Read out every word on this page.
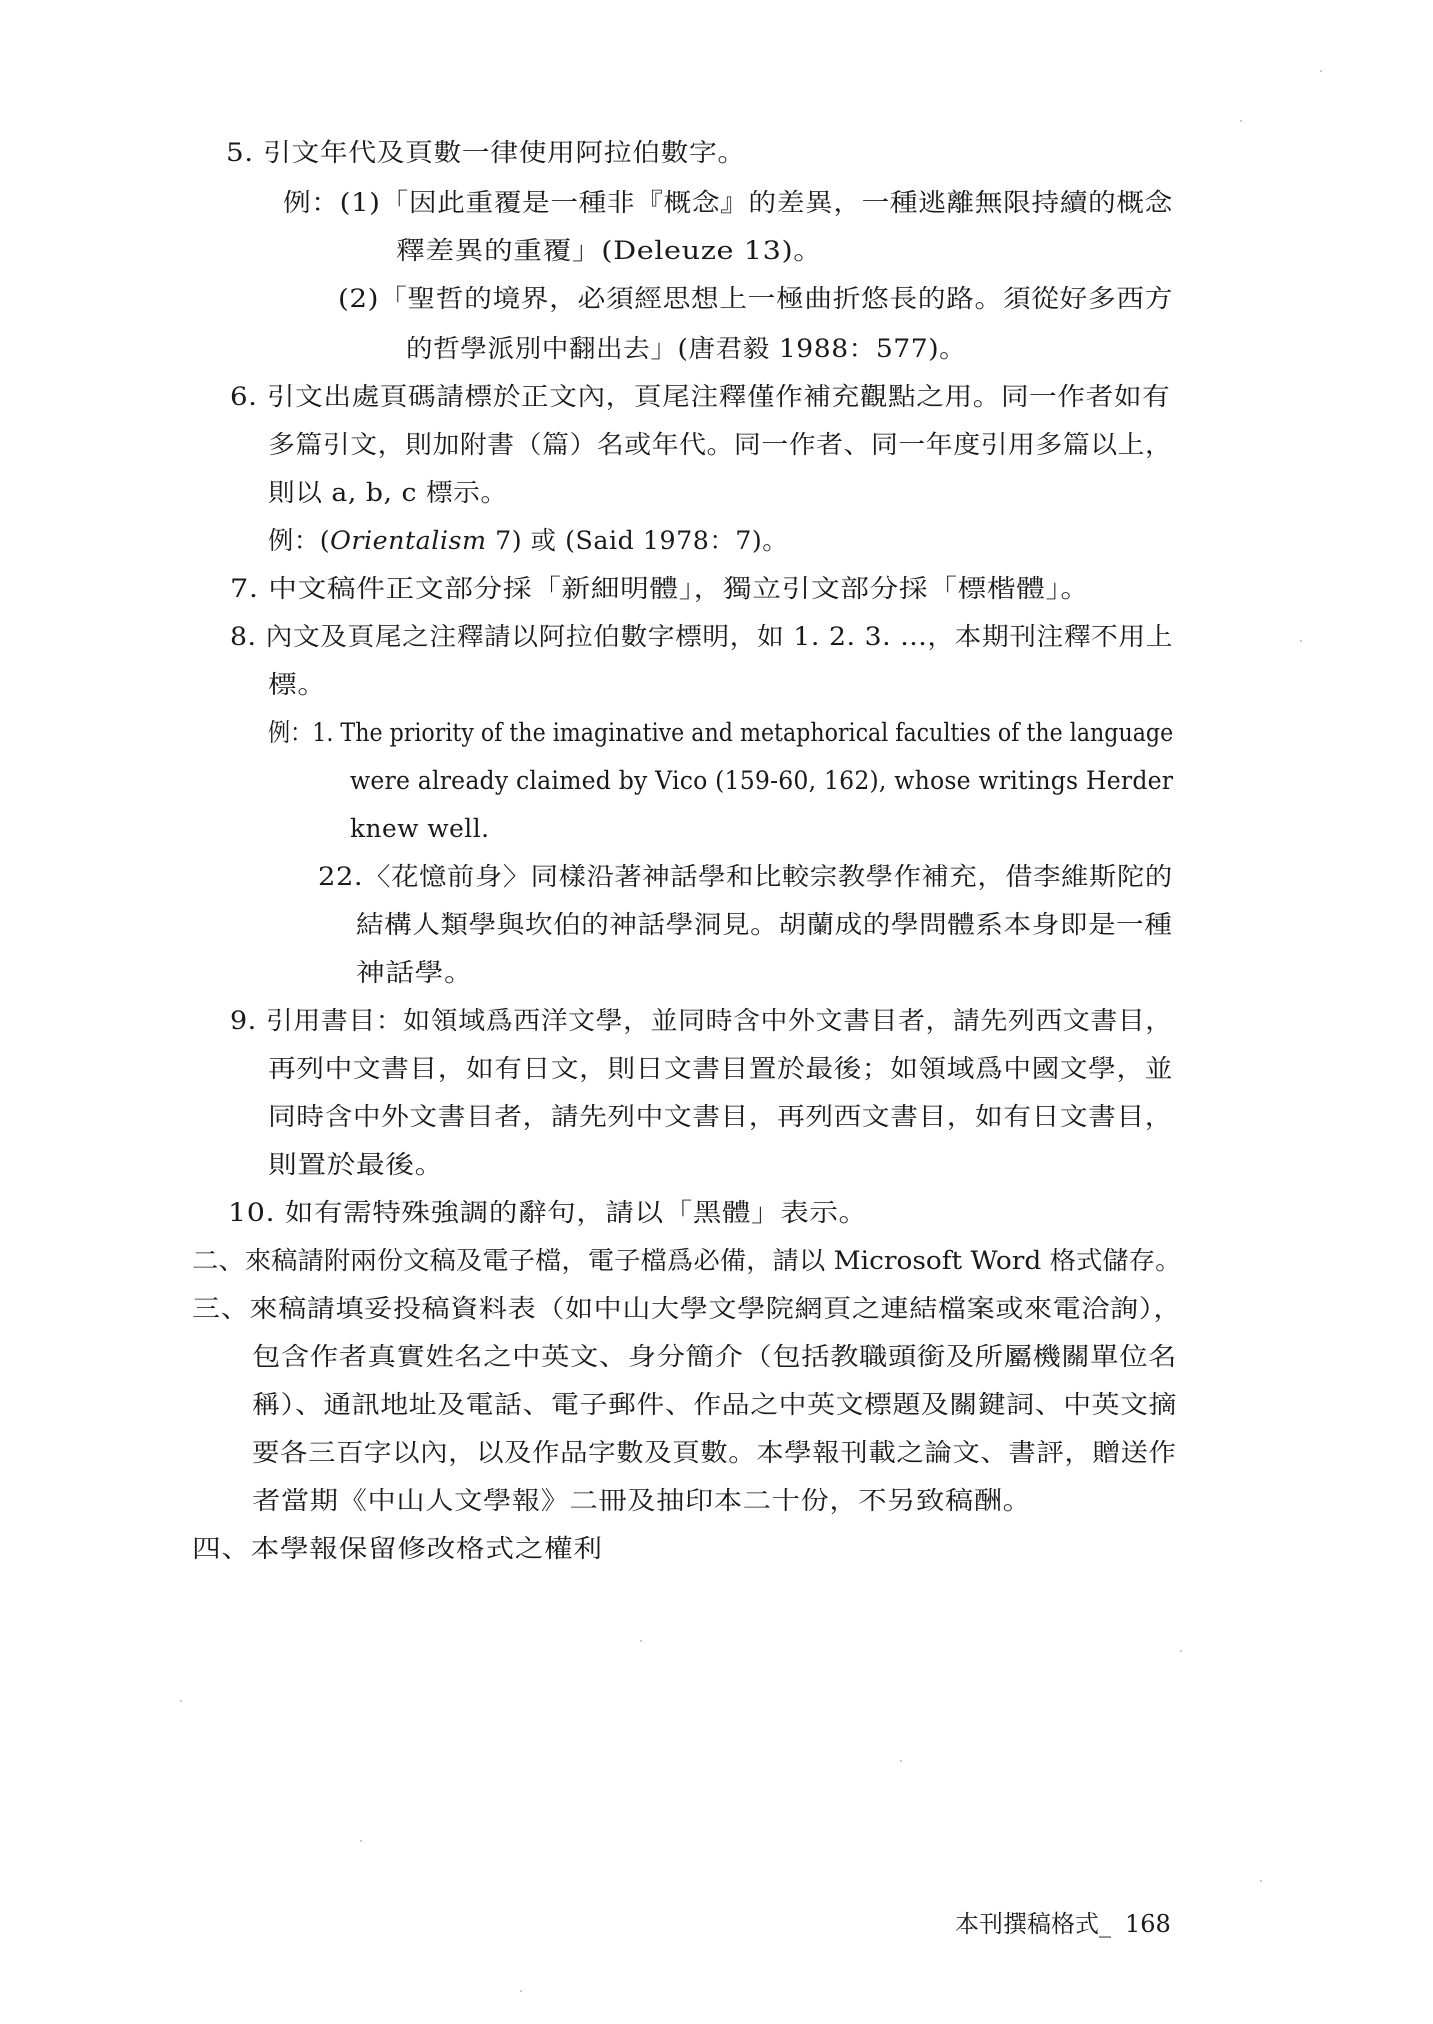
5. 引文年代及頁數一律使用阿拉伯數字。
例：(1)「因此重覆是一種非『概念』的差異，一種逃離無限持續的概念
釋差異的重覆」(Deleuze 13)。
(2)「聖哲的境界，必須經思想上一極曲折悠長的路。須從好多西方
的哲學派別中翻出去」(唐君毅 1988：577)。
6. 引文出處頁碼請標於正文內，頁尾注釋僅作補充觀點之用。同一作者如有
多篇引文，則加附書（篇）名或年代。同一作者、同一年度引用多篇以上，
則以 a, b, c 標示。
例：(Orientalism 7) 或 (Said 1978：7)。
7. 中文稿件正文部分採「新細明體」，獨立引文部分採「標楷體」。
8. 內文及頁尾之注釋請以阿拉伯數字標明，如 1. 2. 3. ...，本期刊注釋不用上
標。
例：1. The priority of the imaginative and metaphorical faculties of the language
were already claimed by Vico (159-60, 162), whose writings Herder
knew well.
22.〈花憶前身〉同樣沿著神話學和比較宗教學作補充，借李維斯陀的
結構人類學與坎伯的神話學洞見。胡蘭成的學問體系本身即是一種
神話學。
9. 引用書目：如領域爲西洋文學，並同時含中外文書目者，請先列西文書目，
再列中文書目，如有日文，則日文書目置於最後；如領域爲中國文學，並
同時含中外文書目者，請先列中文書目，再列西文書目，如有日文書目，
則置於最後。
10. 如有需特殊強調的辭句，請以「黑體」表示。
二、來稿請附兩份文稿及電子檔，電子檔爲必備，請以 Microsoft Word 格式儲存。
三、來稿請填妥投稿資料表（如中山大學文學院網頁之連結檔案或來電洽詢），
包含作者真實姓名之中英文、身分簡介（包括教職頭銜及所屬機關單位名
稱）、通訊地址及電話、電子郵件、作品之中英文標題及關鍵詞、中英文摘
要各三百字以內，以及作品字數及頁數。本學報刊載之論文、書評，贈送作
者當期《中山人文學報》二冊及抽印本二十份，不另致稿酬。
四、本學報保留修改格式之權利
本刊撰稿格式_ 168
